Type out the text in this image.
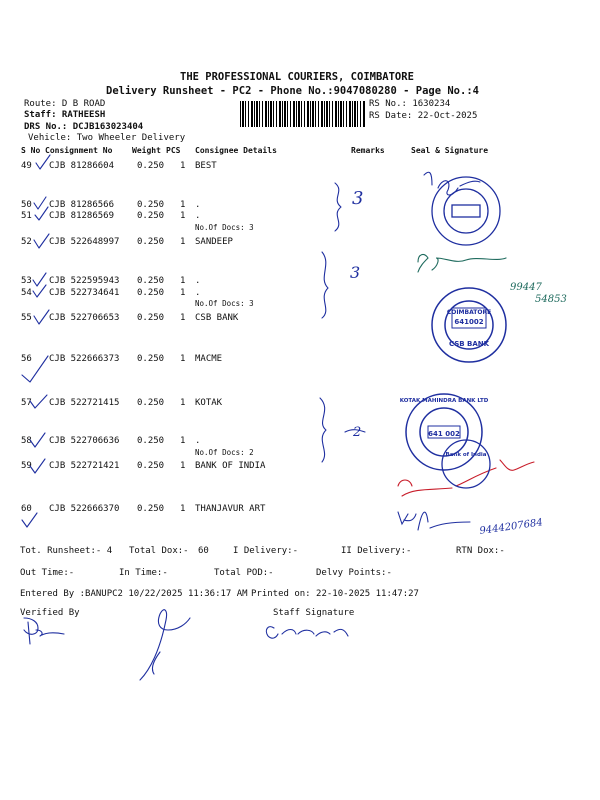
THE PROFESSIONAL COURIERS, COIMBATORE
Delivery Runsheet - PC2 - Phone No.:9047080280 - Page No.:4
Route: D B ROAD
Staff: RATHEESH
DRS No.: DCJB163023404
Vehicle: Two Wheeler Delivery
RS No.: 1630234
RS Date: 22-Oct-2025
S No Consignment No Weight PCS Consignee Details	Remarks	Seal & Signature
49 CJB 81286604	0.250 1 BEST
50 CJB 81286566	0.250 1 .
51 CJB 81286569	0.250 1 .
No.Of Docs: 3
52 CJB 522648997 0.250 1 SANDEEP
53 CJB 522595943 0.250 1 .
54 CJB 522734641 0.250 1 .
No.Of Docs: 3
55 CJB 522706653 0.250 1 CSB BANK
56 CJB 522666373 0.250 1 MACME
57 CJB 522721415 0.250 1 KOTAK
58 CJB 522706636 0.250 1 .
No.Of Docs: 2
59 CJB 522721421 0.250 1 BANK OF INDIA
60 CJB 522666370 0.250 1 THANJAVUR ART
Tot. Runsheet:- 4 Total Dox:- 60	I Delivery:-	II Delivery:-	RTN Dox:-
Out Time:-	In Time:-	Total POD:-	Delvy Points:-
Entered By :BANUPC2 10/22/2025 11:36:17 AM Printed on: 22-10-2025 11:47:27
Verified By	Staff Signature
COIMBATORE
641002
CSB BANK
KOTAK MAHINDRA BANK LTD
641 002
Bank of India
3
3
2
99447
54853
9444207684
